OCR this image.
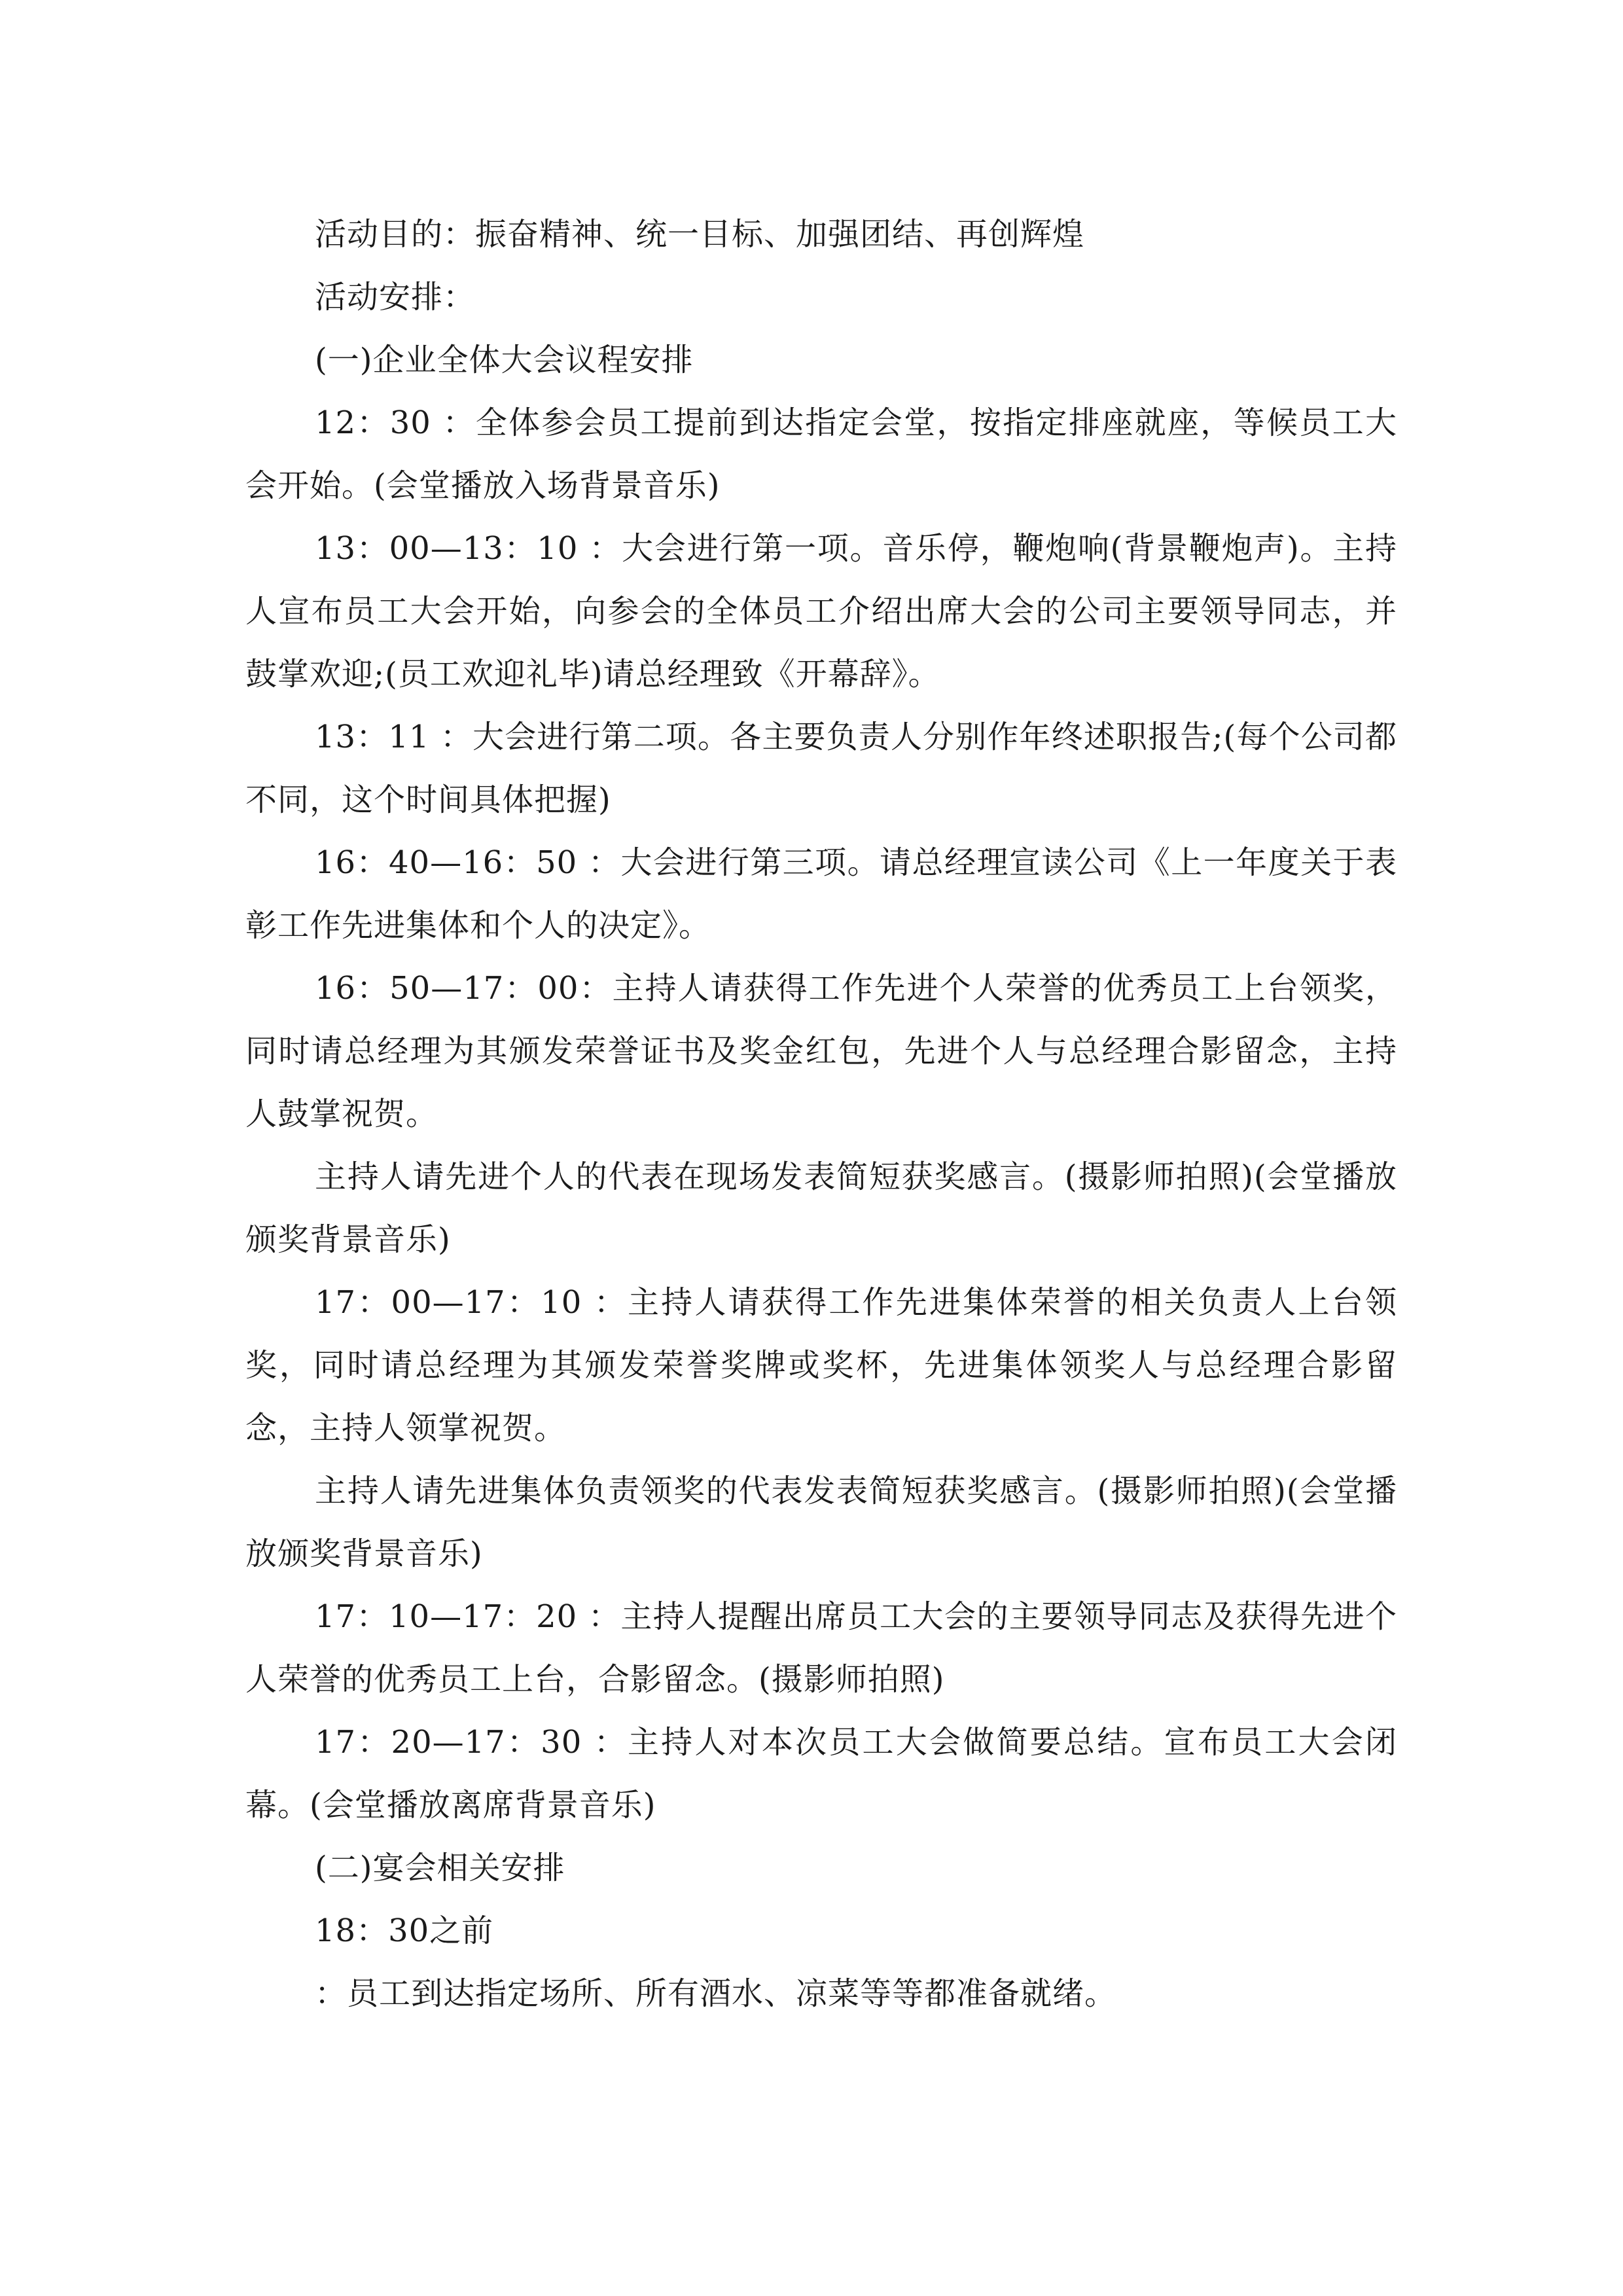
活动目的：振奋精神、统一目标、加强团结、再创辉煌

活动安排：

(一)企业全体大会议程安排

12：30 ：全体参会员工提前到达指定会堂，按指定排座就座，等候员工大会开始。(会堂播放入场背景音乐)

13：00—13：10 ：大会进行第一项。音乐停，鞭炮响(背景鞭炮声)。主持人宣布员工大会开始，向参会的全体员工介绍出席大会的公司主要领导同志，并鼓掌欢迎;(员工欢迎礼毕)请总经理致《开幕辞》。

13：11 ：大会进行第二项。各主要负责人分别作年终述职报告;(每个公司都不同，这个时间具体把握)

16：40—16：50 ：大会进行第三项。请总经理宣读公司《上一年度关于表彰工作先进集体和个人的决定》。

16：50—17：00：主持人请获得工作先进个人荣誉的优秀员工上台领奖，同时请总经理为其颁发荣誉证书及奖金红包，先进个人与总经理合影留念，主持人鼓掌祝贺。

主持人请先进个人的代表在现场发表简短获奖感言。(摄影师拍照)(会堂播放颁奖背景音乐)

17：00—17：10 ：主持人请获得工作先进集体荣誉的相关负责人上台领奖，同时请总经理为其颁发荣誉奖牌或奖杯，先进集体领奖人与总经理合影留念，主持人领掌祝贺。

主持人请先进集体负责领奖的代表发表简短获奖感言。(摄影师拍照)(会堂播放颁奖背景音乐)

17：10—17：20 ：主持人提醒出席员工大会的主要领导同志及获得先进个人荣誉的优秀员工上台，合影留念。(摄影师拍照)

17：20—17：30 ：主持人对本次员工大会做简要总结。宣布员工大会闭幕。(会堂播放离席背景音乐)

(二)宴会相关安排

18：30之前

：员工到达指定场所、所有酒水、凉菜等等都准备就绪。
